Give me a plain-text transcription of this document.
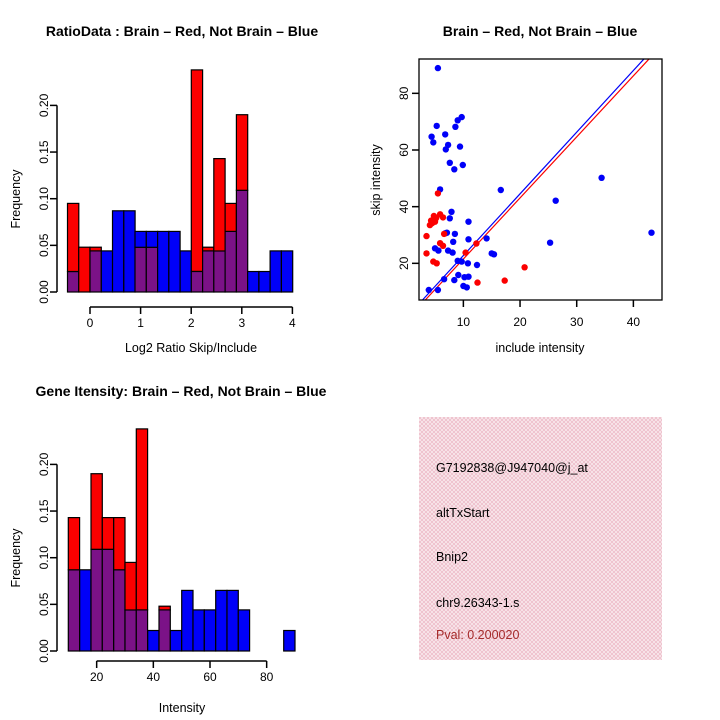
0	1	2	3	4
0.00
0.05
0.10
0.15
0.20
RatioData : Brain – Red, Not Brain – Blue
Log2 Ratio Skip/Include
Frequency
10	20	30	40
20
40
60
80
Brain – Red, Not Brain – Blue
include intensity
skip intensity
20	40	60	80
0.00
0.05
0.10
0.15
0.20
Gene Itensity: Brain – Red, Not Brain – Blue
Intensity
Frequency
G7192838@J947040@j_at
altTxStart
Bnip2
chr9.26343-1.s
Pval: 0.200020
